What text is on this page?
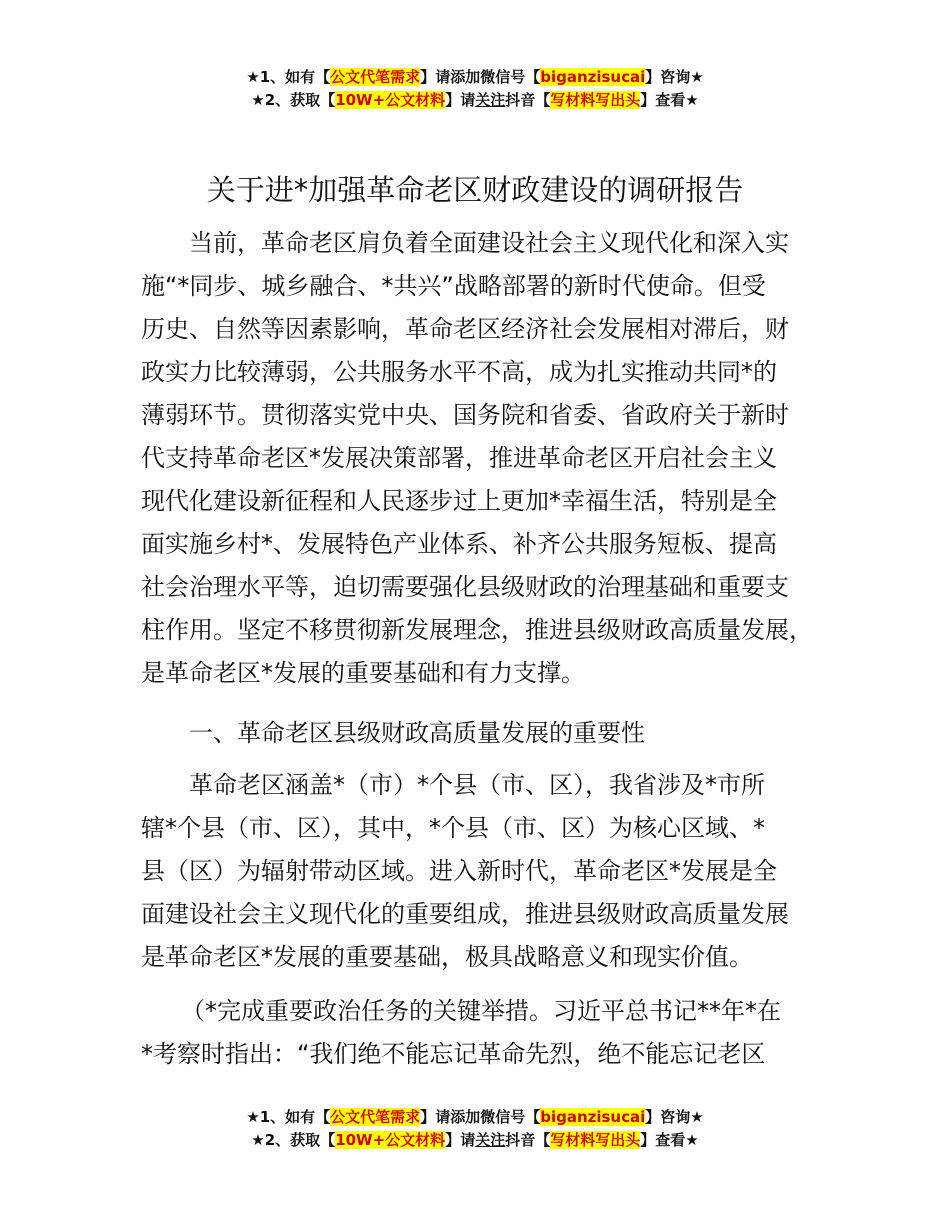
★1、如有【公文代笔需求】请添加微信号【biganzisucai】咨询★
★2、获取【10W+公文材料】请关注抖音【写材料写出头】查看★
关于进*加强革命老区财政建设的调研报告
当前，革命老区肩负着全面建设社会主义现代化和深入实
施“*同步、城乡融合、*共兴”战略部署的新时代使命。但受
历史、自然等因素影响，革命老区经济社会发展相对滞后，财
政实力比较薄弱，公共服务水平不高，成为扎实推动共同*的
薄弱环节。贯彻落实党中央、国务院和省委、省政府关于新时
代支持革命老区*发展决策部署，推进革命老区开启社会主义
现代化建设新征程和人民逐步过上更加*幸福生活，特别是全
面实施乡村*、发展特色产业体系、补齐公共服务短板、提高
社会治理水平等，迫切需要强化县级财政的治理基础和重要支
柱作用。坚定不移贯彻新发展理念，推进县级财政高质量发展，
是革命老区*发展的重要基础和有力支撑。
一、革命老区县级财政高质量发展的重要性
革命老区涵盖*（市）*个县（市、区），我省涉及*市所
辖*个县（市、区），其中，*个县（市、区）为核心区域、*
县（区）为辐射带动区域。进入新时代，革命老区*发展是全
面建设社会主义现代化的重要组成，推进县级财政高质量发展
是革命老区*发展的重要基础，极具战略意义和现实价值。
（*完成重要政治任务的关键举措。习近平总书记**年*在
*考察时指出：“我们绝不能忘记革命先烈，绝不能忘记老区
★1、如有【公文代笔需求】请添加微信号【biganzisucai】咨询★
★2、获取【10W+公文材料】请关注抖音【写材料写出头】查看★
